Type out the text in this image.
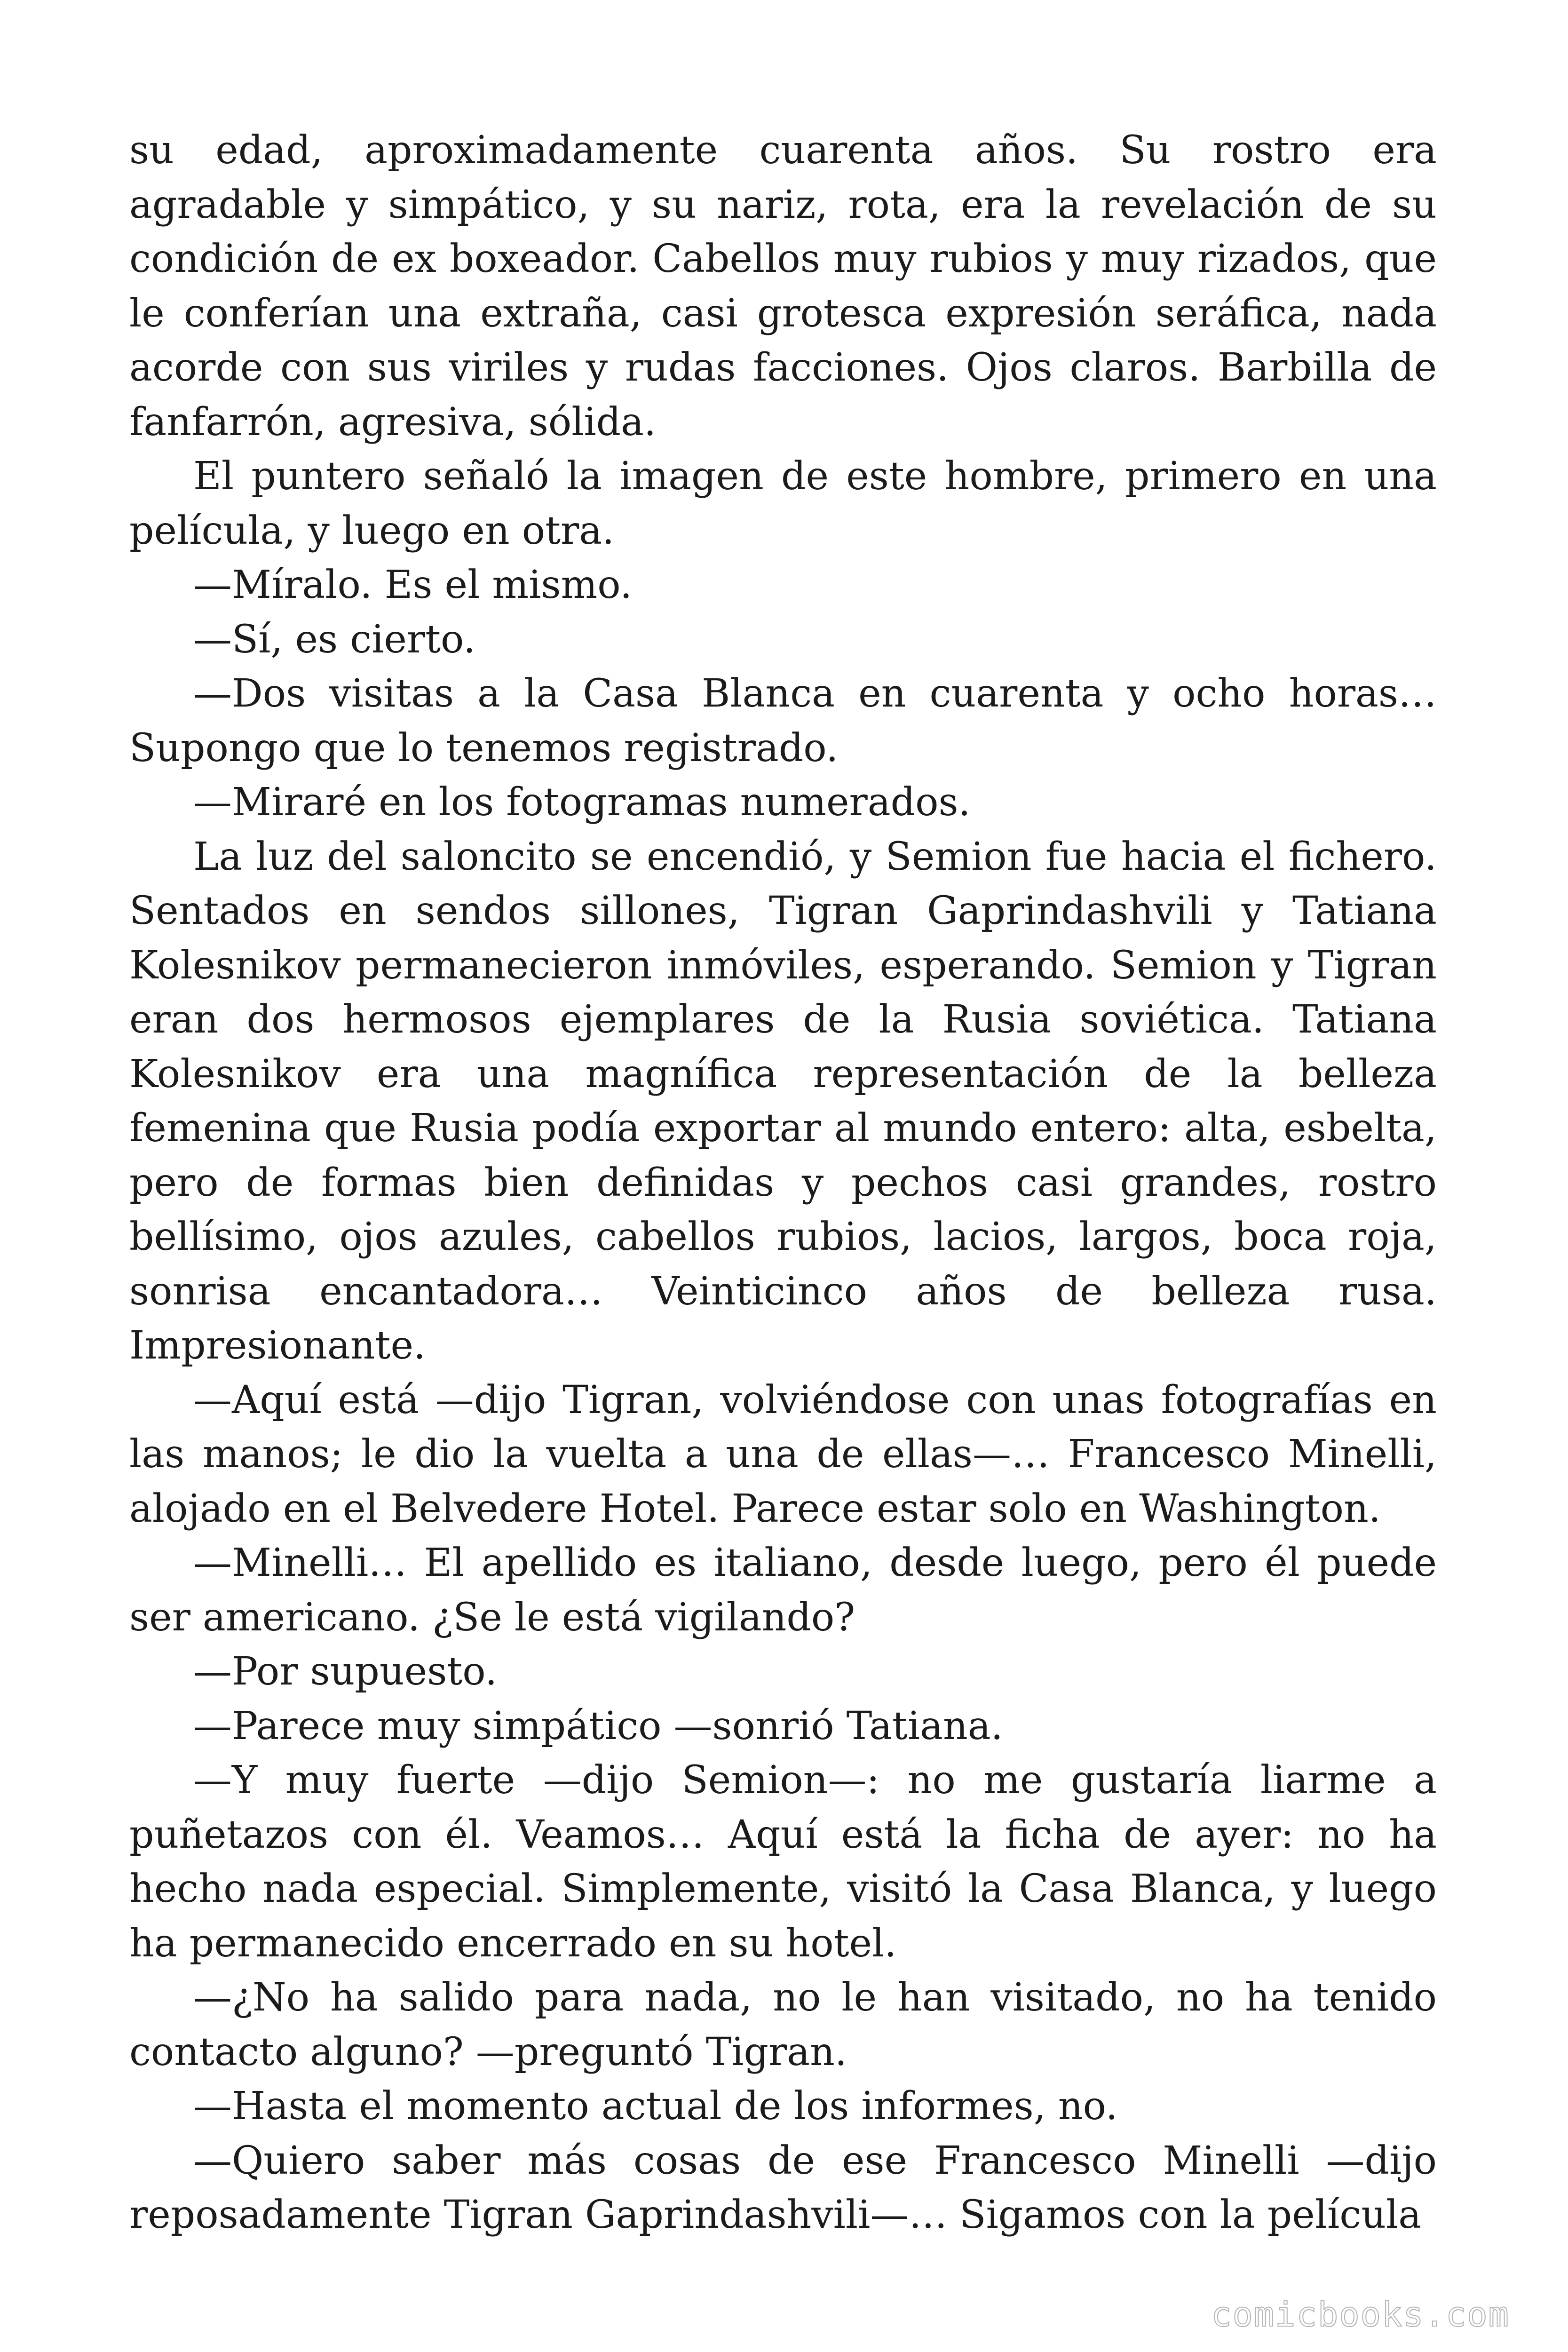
su edad, aproximadamente cuarenta años. Su rostro era agradable y simpático, y su nariz, rota, era la revelación de su condición de ex boxeador. Cabellos muy rubios y muy rizados, que le conferían una extraña, casi grotesca expresión seráfica, nada acorde con sus viriles y rudas facciones. Ojos claros. Barbilla de fanfarrón, agresiva, sólida.

El puntero señaló la imagen de este hombre, primero en una película, y luego en otra.

—Míralo. Es el mismo.

—Sí, es cierto.

—Dos visitas a la Casa Blanca en cuarenta y ocho horas… Supongo que lo tenemos registrado.

—Miraré en los fotogramas numerados.

La luz del saloncito se encendió, y Semion fue hacia el fichero. Sentados en sendos sillones, Tigran Gaprindashvili y Tatiana Kolesnikov permanecieron inmóviles, esperando. Semion y Tigran eran dos hermosos ejemplares de la Rusia soviética. Tatiana Kolesnikov era una magnífica representación de la belleza femenina que Rusia podía exportar al mundo entero: alta, esbelta, pero de formas bien definidas y pechos casi grandes, rostro bellísimo, ojos azules, cabellos rubios, lacios, largos, boca roja, sonrisa encantadora… Veinticinco años de belleza rusa. Impresionante.

—Aquí está —dijo Tigran, volviéndose con unas fotografías en las manos; le dio la vuelta a una de ellas—… Francesco Minelli, alojado en el Belvedere Hotel. Parece estar solo en Washington.

—Minelli… El apellido es italiano, desde luego, pero él puede ser americano. ¿Se le está vigilando?

—Por supuesto.

—Parece muy simpático —sonrió Tatiana.

—Y muy fuerte —dijo Semion—: no me gustaría liarme a puñetazos con él. Veamos… Aquí está la ficha de ayer: no ha hecho nada especial. Simplemente, visitó la Casa Blanca, y luego ha permanecido encerrado en su hotel.

—¿No ha salido para nada, no le han visitado, no ha tenido contacto alguno? —preguntó Tigran.

—Hasta el momento actual de los informes, no.

—Quiero saber más cosas de ese Francesco Minelli —dijo reposadamente Tigran Gaprindashvili—… Sigamos con la película

comicbooks.com
